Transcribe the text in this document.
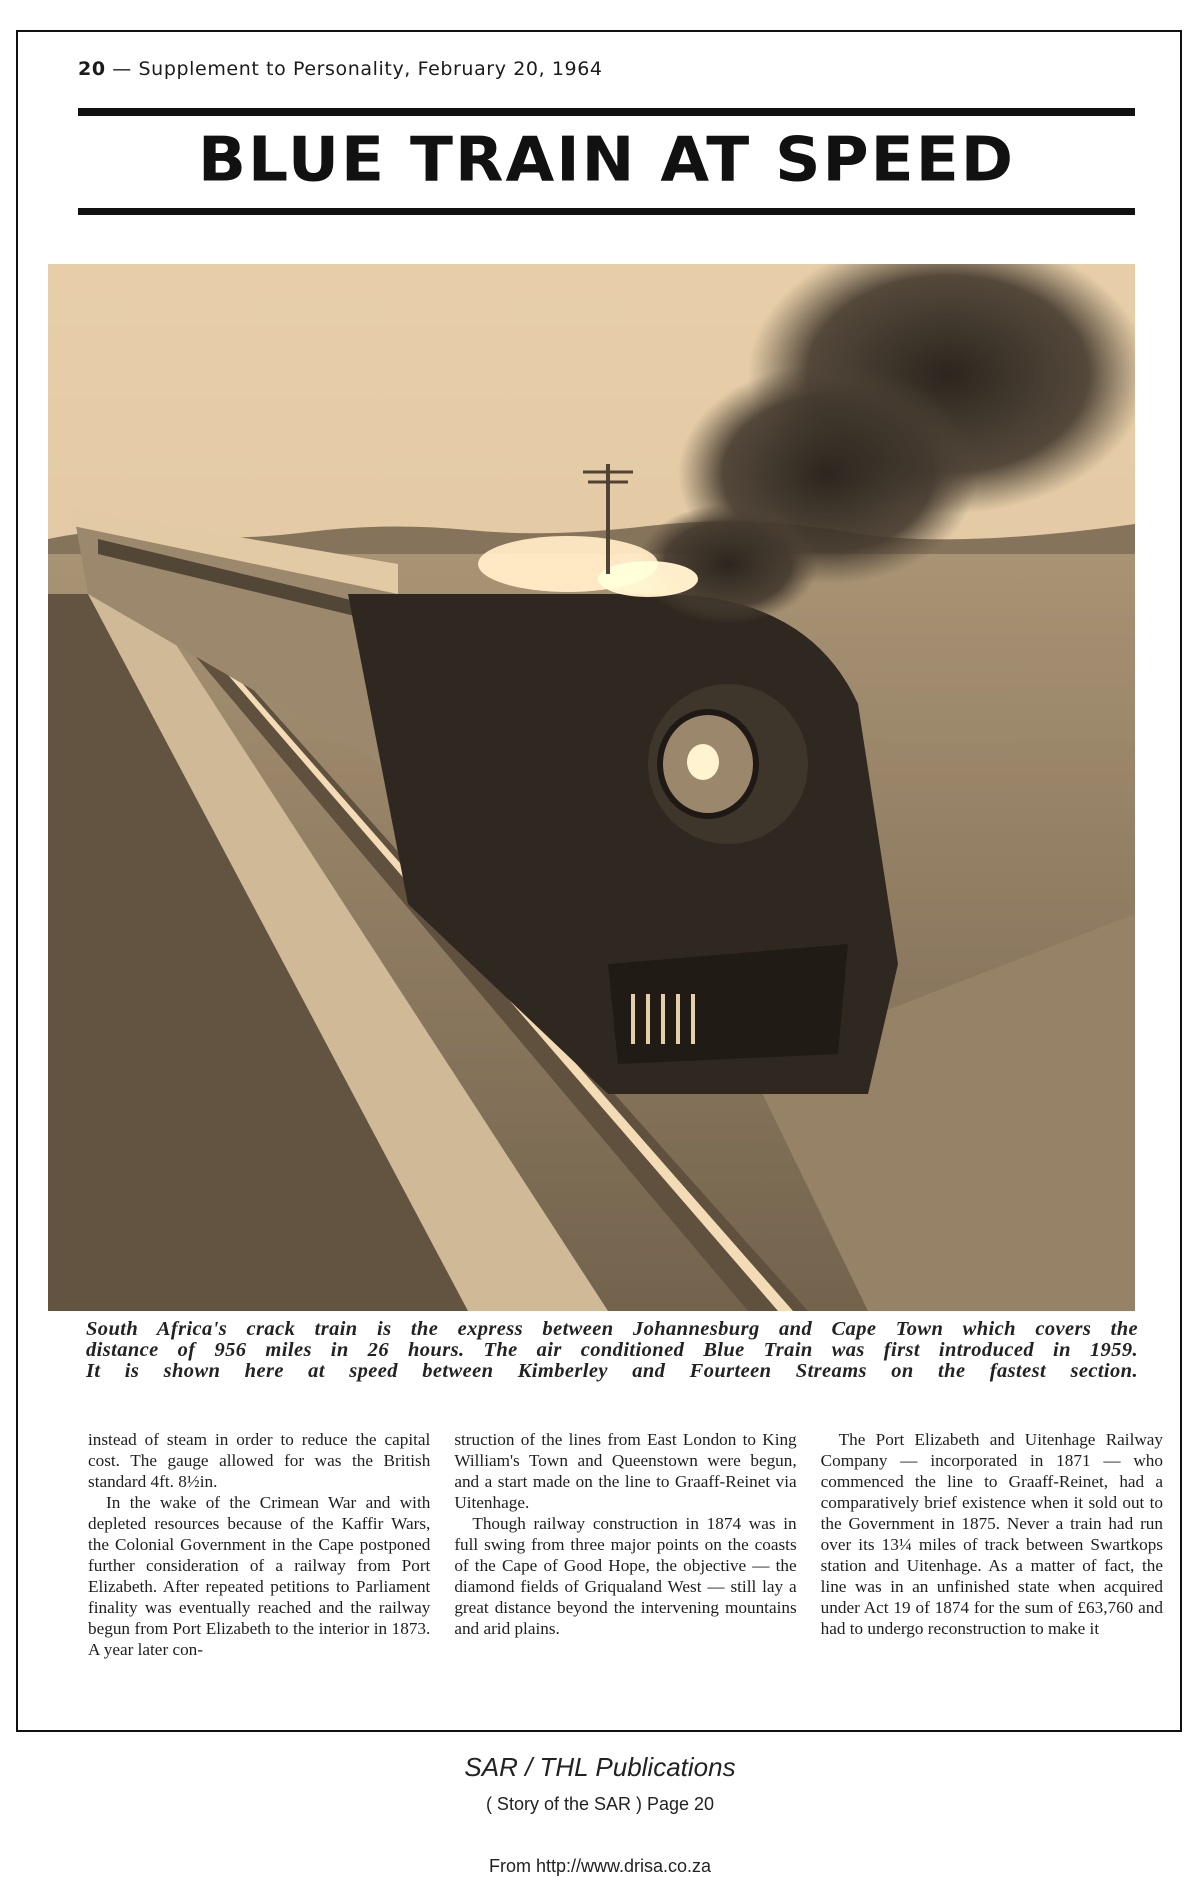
20 — Supplement to Personality, February 20, 1964
BLUE TRAIN AT SPEED
South Africa's crack train is the express between Johannesburg and Cape Town which covers the
distance of 956 miles in 26 hours. The air conditioned Blue Train was first introduced in 1959.
It is shown here at speed between Kimberley and Fourteen Streams on the fastest section.

instead of steam in order to reduce the capital cost. The gauge allowed for was the British standard 4ft. 8½in.

In the wake of the Crimean War and with depleted resources because of the Kaffir Wars, the Colonial Government in the Cape postponed further consideration of a railway from Port Elizabeth. After repeated petitions to Parliament finality was eventually reached and the railway begun from Port Elizabeth to the interior in 1873. A year later con-

struction of the lines from East London to King William's Town and Queenstown were begun, and a start made on the line to Graaff-Reinet via Uitenhage.

Though railway construction in 1874 was in full swing from three major points on the coasts of the Cape of Good Hope, the objective — the diamond fields of Griqualand West — still lay a great distance beyond the intervening mountains and arid plains.

The Port Elizabeth and Uitenhage Railway Company — incorporated in 1871 — who commenced the line to Graaff-Reinet, had a comparatively brief existence when it sold out to the Government in 1875. Never a train had run over its 13¼ miles of track between Swartkops station and Uitenhage. As a matter of fact, the line was in an unfinished state when acquired under Act 19 of 1874 for the sum of £63,760 and had to undergo reconstruction to make it

SAR / THL Publications
( Story of the SAR ) Page 20
From http://www.drisa.co.za
